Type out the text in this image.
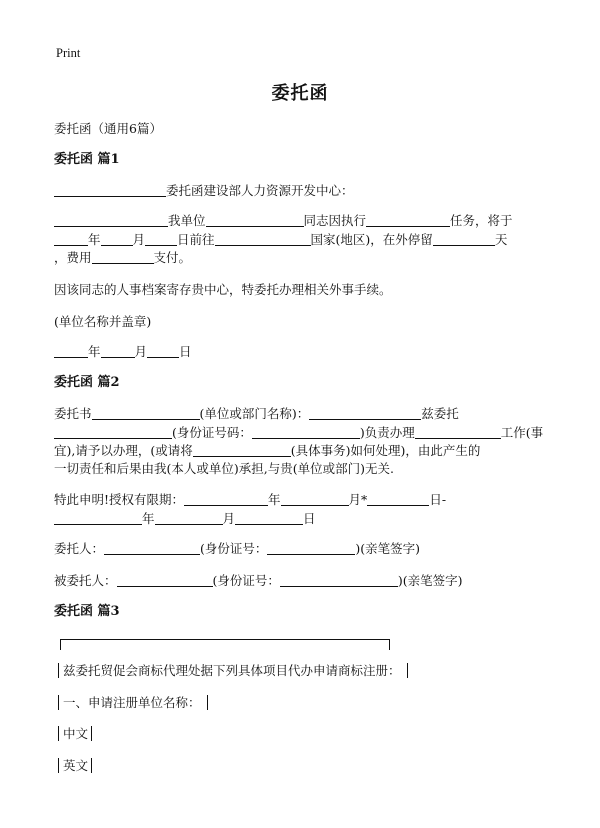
Print
委托函
委托函（通用6篇）
委托函 篇1
委托函建设部人力资源开发中心：
我单位	同志因执行	任务，将于
年	月	日前往	国家(地区)，在外停留	天
，费用	支付。
因该同志的人事档案寄存贵中心，特委托办理相关外事手续。
(单位名称并盖章)
年	月	日
委托函 篇2
委托书	(单位或部门名称)：	兹委托
(身份证号码：	)负责办理	工作(事
宜),请予以办理，(或请将	(具体事务)如何处理)，由此产生的
一切责任和后果由我(本人或单位)承担,与贵(单位或部门)无关.
特此申明!授权有限期：	年	月*	日-
年	月	日
委托人：	(身份证号：	)(亲笔签字)
被委托人：	(身份证号：	)(亲笔签字)
委托函 篇3
兹委托贸促会商标代理处据下列具体项目代办申请商标注册：
一、申请注册单位名称：
中文
英文
